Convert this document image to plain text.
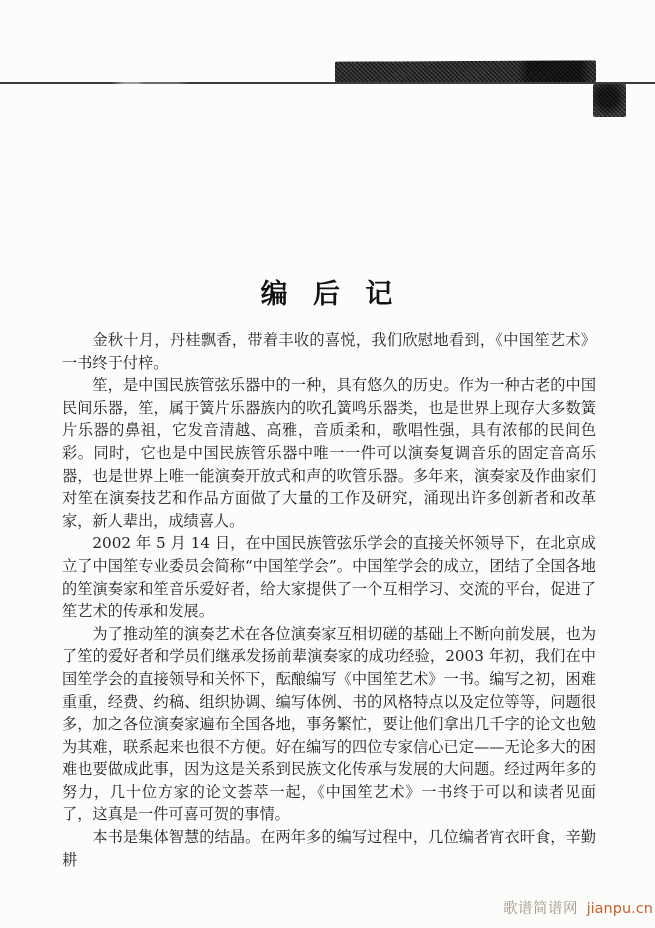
编 后 记

金秋十月，丹桂飘香，带着丰收的喜悦，我们欣慰地看到，《中国笙艺术》一书终于付梓。

笙，是中国民族管弦乐器中的一种，具有悠久的历史。作为一种古老的中国民间乐器，笙，属于簧片乐器族内的吹孔簧鸣乐器类，也是世界上现存大多数簧片乐器的鼻祖，它发音清越、高雅，音质柔和，歌唱性强，具有浓郁的民间色彩。同时，它也是中国民族管乐器中唯一一件可以演奏复调音乐的固定音高乐器，也是世界上唯一能演奏开放式和声的吹管乐器。多年来，演奏家及作曲家们对笙在演奏技艺和作品方面做了大量的工作及研究，涌现出许多创新者和改革家，新人辈出，成绩喜人。

2002 年 5 月 14 日，在中国民族管弦乐学会的直接关怀领导下，在北京成立了中国笙专业委员会简称“中国笙学会”。中国笙学会的成立，团结了全国各地的笙演奏家和笙音乐爱好者，给大家提供了一个互相学习、交流的平台，促进了笙艺术的传承和发展。

为了推动笙的演奏艺术在各位演奏家互相切磋的基础上不断向前发展，也为了笙的爱好者和学员们继承发扬前辈演奏家的成功经验，2003 年初，我们在中国笙学会的直接领导和关怀下，酝酿编写《中国笙艺术》一书。编写之初，困难重重，经费、约稿、组织协调、编写体例、书的风格特点以及定位等等，问题很多，加之各位演奏家遍布全国各地，事务繁忙，要让他们拿出几千字的论文也勉为其难，联系起来也很不方便。好在编写的四位专家信心已定——无论多大的困难也要做成此事，因为这是关系到民族文化传承与发展的大问题。经过两年多的努力，几十位方家的论文荟萃一起，《中国笙艺术》一书终于可以和读者见面了，这真是一件可喜可贺的事情。

本书是集体智慧的结晶。在两年多的编写过程中，几位编者宵衣旰食，辛勤耕

歌谱简谱网 jianpu.cn
